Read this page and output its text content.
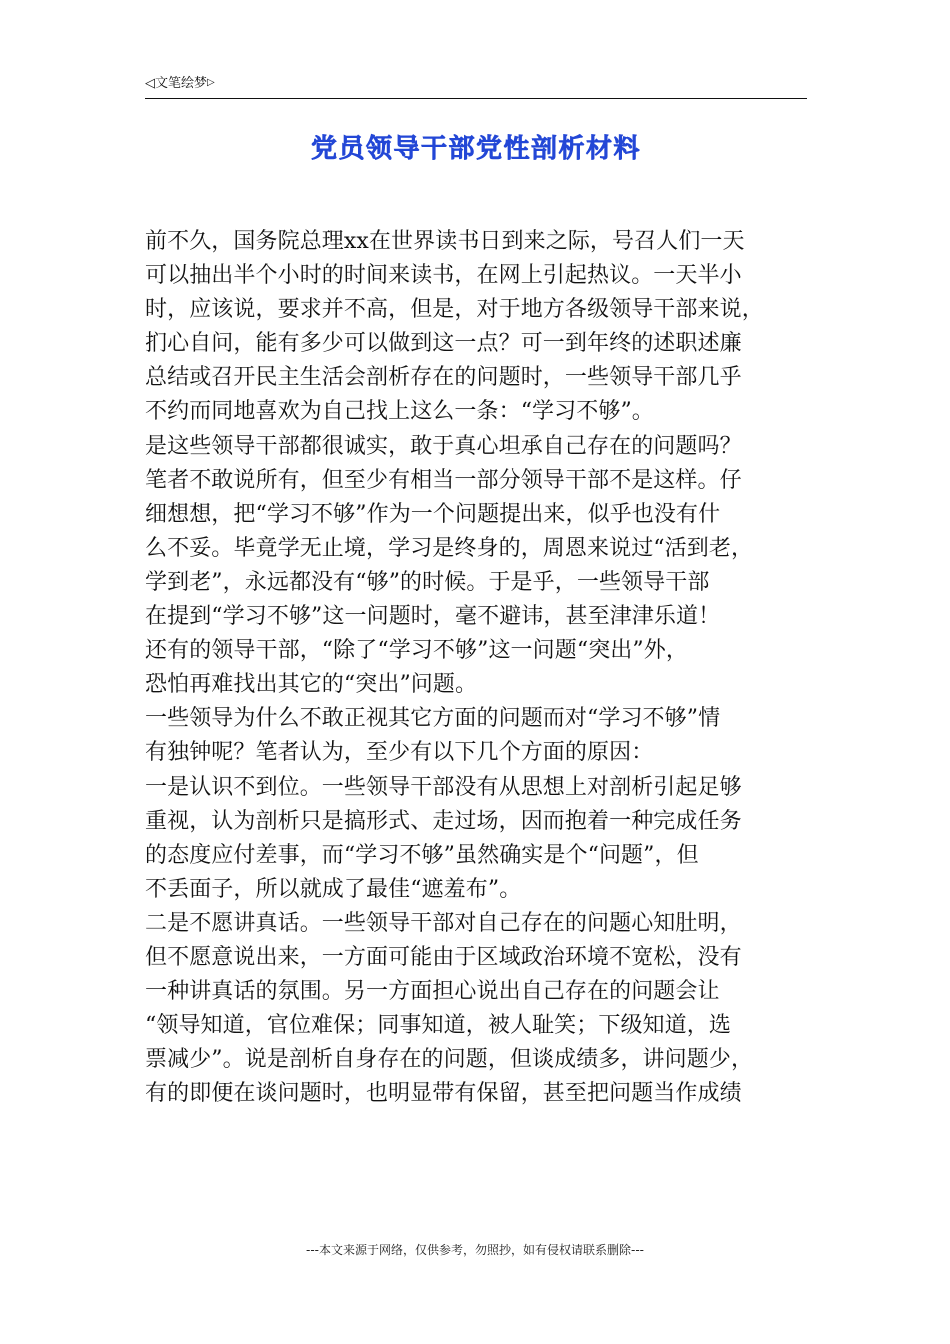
◁文笔绘梦▷
党员领导干部党性剖析材料
前不久，国务院总理xx在世界读书日到来之际，号召人们一天
可以抽出半个小时的时间来读书，在网上引起热议。一天半小
时，应该说，要求并不高，但是，对于地方各级领导干部来说，
扪心自问，能有多少可以做到这一点？可一到年终的述职述廉
总结或召开民主生活会剖析存在的问题时，一些领导干部几乎
不约而同地喜欢为自己找上这么一条：“学习不够”。
是这些领导干部都很诚实，敢于真心坦承自己存在的问题吗？
笔者不敢说所有，但至少有相当一部分领导干部不是这样。仔
细想想，把“学习不够”作为一个问题提出来，似乎也没有什
么不妥。毕竟学无止境，学习是终身的，周恩来说过“活到老，
学到老”，永远都没有“够”的时候。于是乎，一些领导干部
在提到“学习不够”这一问题时，毫不避讳，甚至津津乐道！
还有的领导干部，“除了“学习不够”这一问题“突出”外，
恐怕再难找出其它的“突出”问题。
一些领导为什么不敢正视其它方面的问题而对“学习不够”情
有独钟呢？笔者认为，至少有以下几个方面的原因：
一是认识不到位。一些领导干部没有从思想上对剖析引起足够
重视，认为剖析只是搞形式、走过场，因而抱着一种完成任务
的态度应付差事，而“学习不够”虽然确实是个“问题”，但
不丢面子，所以就成了最佳“遮羞布”。
二是不愿讲真话。一些领导干部对自己存在的问题心知肚明，
但不愿意说出来，一方面可能由于区域政治环境不宽松，没有
一种讲真话的氛围。另一方面担心说出自己存在的问题会让
“领导知道，官位难保；同事知道，被人耻笑；下级知道，选
票减少”。说是剖析自身存在的问题，但谈成绩多，讲问题少，
有的即便在谈问题时，也明显带有保留，甚至把问题当作成绩
---本文来源于网络，仅供参考，勿照抄，如有侵权请联系删除---
